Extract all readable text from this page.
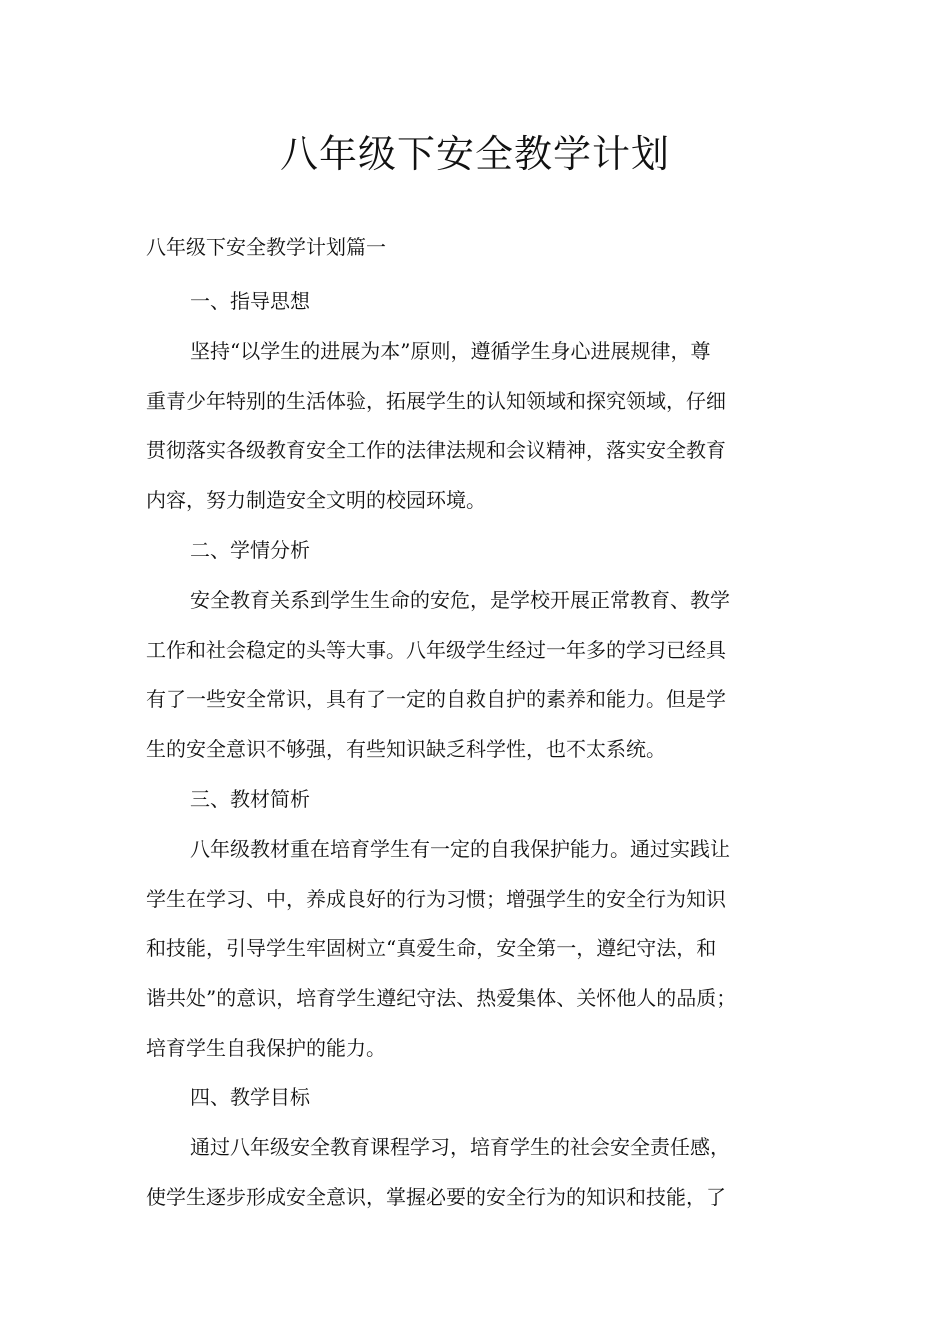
八年级下安全教学计划
八年级下安全教学计划篇一
一、指导思想
坚持“以学生的进展为本”原则，遵循学生身心进展规律，尊
重青少年特别的生活体验，拓展学生的认知领域和探究领域，仔细
贯彻落实各级教育安全工作的法律法规和会议精神，落实安全教育
内容，努力制造安全文明的校园环境。
二、学情分析
安全教育关系到学生生命的安危，是学校开展正常教育、教学
工作和社会稳定的头等大事。八年级学生经过一年多的学习已经具
有了一些安全常识，具有了一定的自救自护的素养和能力。但是学
生的安全意识不够强，有些知识缺乏科学性，也不太系统。
三、教材简析
八年级教材重在培育学生有一定的自我保护能力。通过实践让
学生在学习、中，养成良好的行为习惯；增强学生的安全行为知识
和技能，引导学生牢固树立“真爱生命，安全第一，遵纪守法，和
谐共处”的意识，培育学生遵纪守法、热爱集体、关怀他人的品质；
培育学生自我保护的能力。
四、教学目标
通过八年级安全教育课程学习，培育学生的社会安全责任感，
使学生逐步形成安全意识，掌握必要的安全行为的知识和技能，了
